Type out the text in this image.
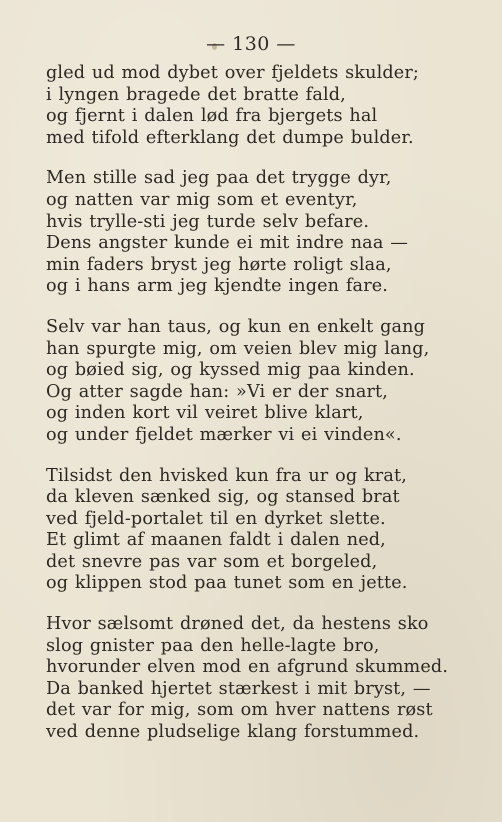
— 130 —
gled ud mod dybet over fjeldets skulder;
i lyngen bragede det bratte fald,
og fjernt i dalen lød fra bjergets hal
med tifold efterklang det dumpe bulder.
Men stille sad jeg paa det trygge dyr,
og natten var mig som et eventyr,
hvis trylle-sti jeg turde selv befare.
Dens angster kunde ei mit indre naa —
min faders bryst jeg hørte roligt slaa,
og i hans arm jeg kjendte ingen fare.
Selv var han taus, og kun en enkelt gang
han spurgte mig, om veien blev mig lang,
og bøied sig, og kyssed mig paa kinden.
Og atter sagde han: »Vi er der snart,
og inden kort vil veiret blive klart,
og under fjeldet mærker vi ei vinden«.
Tilsidst den hvisked kun fra ur og krat,
da kleven sænked sig, og stansed brat
ved fjeld-portalet til en dyrket slette.
Et glimt af maanen faldt i dalen ned,
det snevre pas var som et borgeled,
og klippen stod paa tunet som en jette.
Hvor sælsomt drøned det, da hestens sko
slog gnister paa den helle-lagte bro,
hvorunder elven mod en afgrund skummed.
Da banked hjertet stærkest i mit bryst, —
det var for mig, som om hver nattens røst
ved denne pludselige klang forstummed.
